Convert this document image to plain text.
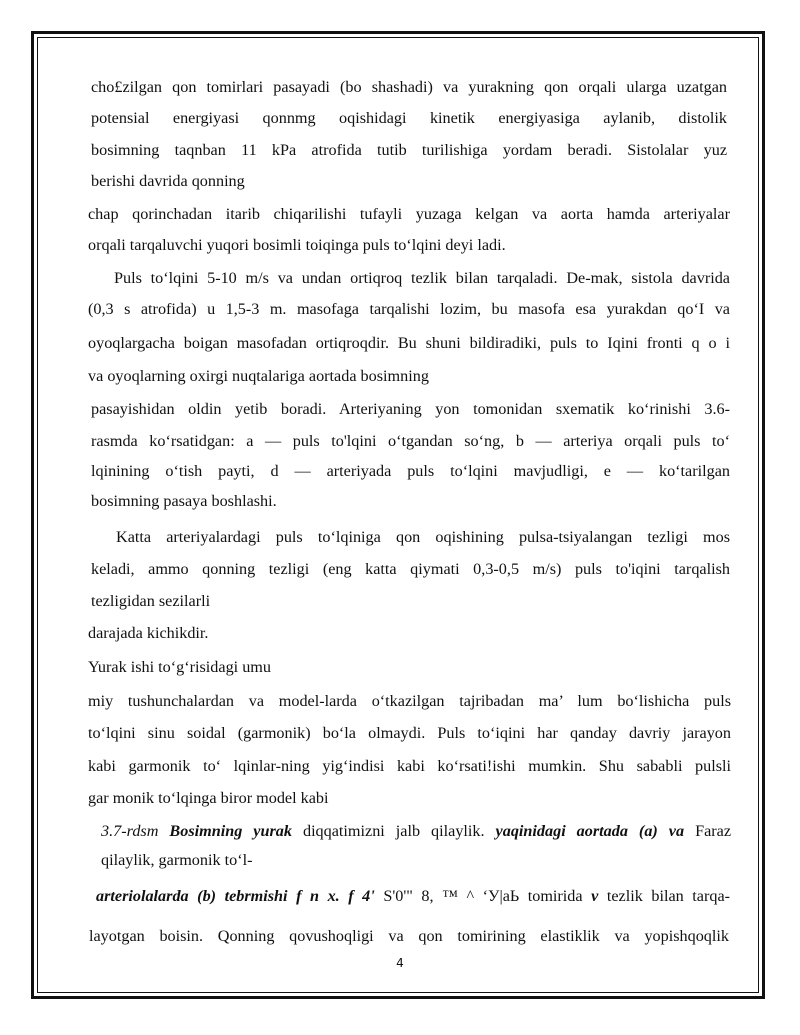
cho£zilgan qon tomirlari pasayadi (bo shashadi) va yurakning qon orqali ularga uzatgan
potensial energiyasi qonnmg oqishidagi kinetik energiyasiga aylanib, distolik
bosimning taqnban 11 kPa atrofida tutib turilishiga yordam beradi. Sistolalar yuz
berishi davrida qonning
chap qorinchadan itarib chiqarilishi tufayli yuzaga kelgan va aorta hamda arteriyalar
orqali tarqaluvchi yuqori bosimli toiqinga puls to‘lqini deyi ladi.
Puls to‘lqini 5-10 m/s va undan ortiqroq tezlik bilan tarqaladi. De-mak, sistola davrida
(0,3 s atrofida) u 1,5-3 m. masofaga tarqalishi lozim, bu masofa esa yurakdan qo‘I va
oyoqlargacha boigan masofadan ortiqroqdir. Bu shuni bildiradiki, puls to Iqini fronti q o i
va oyoqlarning oxirgi nuqtalariga aortada bosimning
pasayishidan oldin yetib boradi. Arteriyaning yon tomonidan sxematik ko‘rinishi 3.6-
rasmda ko‘rsatidgan: a — puls to'lqini o‘tgandan so‘ng, b — arteriya orqali puls to‘
lqinining o‘tish payti, d — arteriyada puls to‘lqini mavjudligi, e — ko‘tarilgan
bosimning pasaya boshlashi.
Katta arteriyalardagi puls to‘lqiniga qon oqishining pulsa-tsiyalangan tezligi mos
keladi, ammo qonning tezligi (eng katta qiymati 0,3-0,5 m/s) puls to'iqini tarqalish
tezligidan sezilarli
darajada kichikdir.
Yurak ishi to‘g‘risidagi umu
miy tushunchalardan va model-larda o‘tkazilgan tajribadan ma’ lum bo‘lishicha puls
to‘lqini sinu soidal (garmonik) bo‘la olmaydi. Puls to‘iqini har qanday davriy jarayon
kabi garmonik to‘ lqinlar-ning yig‘indisi kabi ko‘rsati!ishi mumkin. Shu sababli pulsli
gar monik to‘lqinga biror model kabi
3.7-rdsm Bosimning yurak diqqatimizni jalb qilaylik. yaqinidagi aortada (a) va Faraz
qilaylik, garmonik to‘l-
arteriolalarda (b) tebrmishi f n x. f 4' S'0'" 8, ™ ^ ‘У|aЬ tomirida v tezlik bilan tarqa-
layotgan boisin. Qonning qovushoqligi va qon tomirining elastiklik va yopishqoqlik
4
